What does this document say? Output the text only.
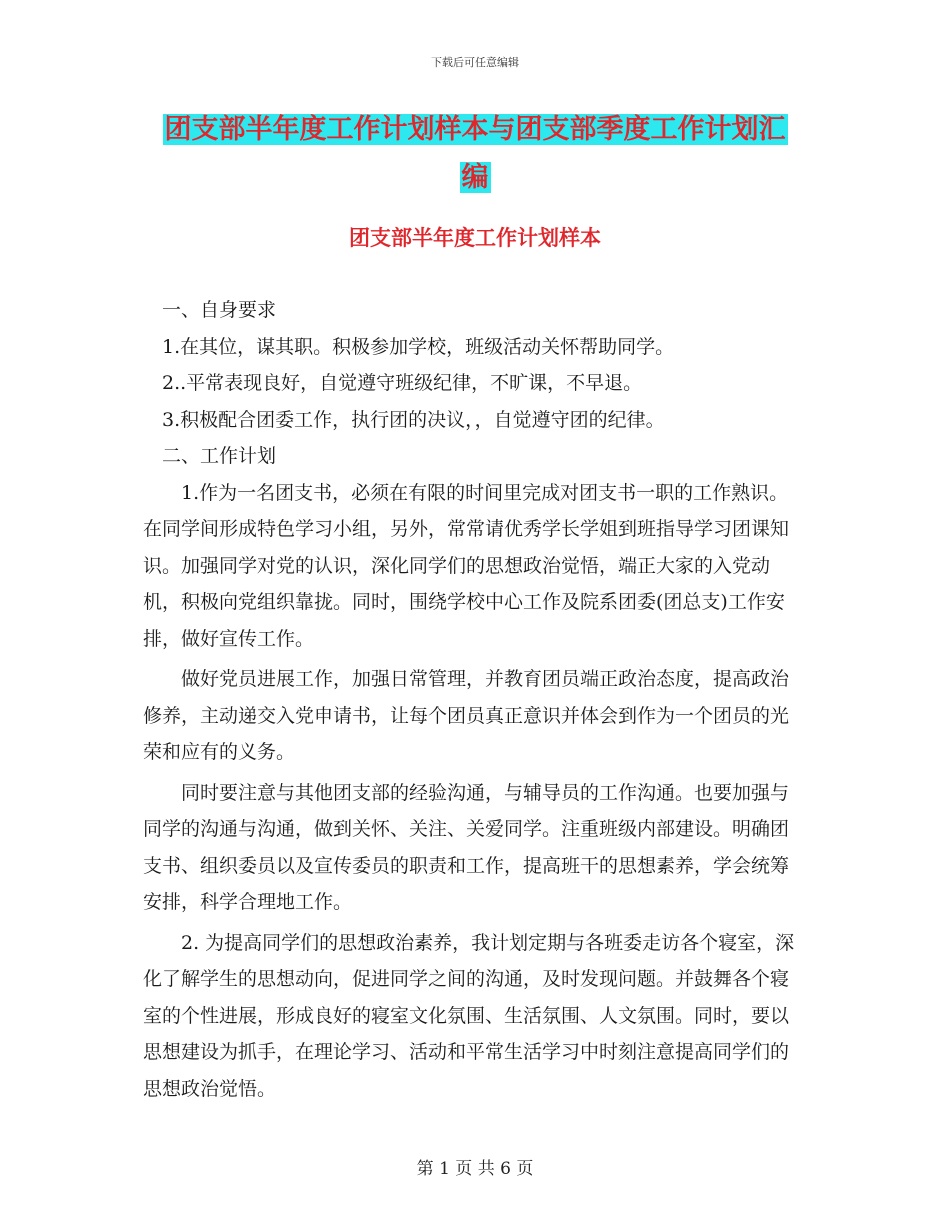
下载后可任意编辑
团支部半年度工作计划样本与团支部季度工作计划汇
编
团支部半年度工作计划样本

一、自身要求

1.在其位，谋其职。积极参加学校，班级活动关怀帮助同学。

2..平常表现良好，自觉遵守班级纪律，不旷课，不早退。

3.积极配合团委工作，执行团的决议，，自觉遵守团的纪律。

二、工作计划

1.作为一名团支书，必须在有限的时间里完成对团支书一职的工作熟识。在同学间形成特色学习小组，另外，常常请优秀学长学姐到班指导学习团课知识。加强同学对党的认识，深化同学们的思想政治觉悟，端正大家的入党动机，积极向党组织靠拢。同时，围绕学校中心工作及院系团委(团总支)工作安排，做好宣传工作。

做好党员进展工作，加强日常管理，并教育团员端正政治态度，提高政治修养，主动递交入党申请书，让每个团员真正意识并体会到作为一个团员的光荣和应有的义务。

同时要注意与其他团支部的经验沟通，与辅导员的工作沟通。也要加强与同学的沟通与沟通，做到关怀、关注、关爱同学。注重班级内部建设。明确团支书、组织委员以及宣传委员的职责和工作，提高班干的思想素养，学会统筹安排，科学合理地工作。

2. 为提高同学们的思想政治素养，我计划定期与各班委走访各个寝室，深化了解学生的思想动向，促进同学之间的沟通，及时发现问题。并鼓舞各个寝室的个性进展，形成良好的寝室文化氛围、生活氛围、人文氛围。同时，要以思想建设为抓手，在理论学习、活动和平常生活学习中时刻注意提高同学们的思想政治觉悟。

第 1 页 共 6 页
